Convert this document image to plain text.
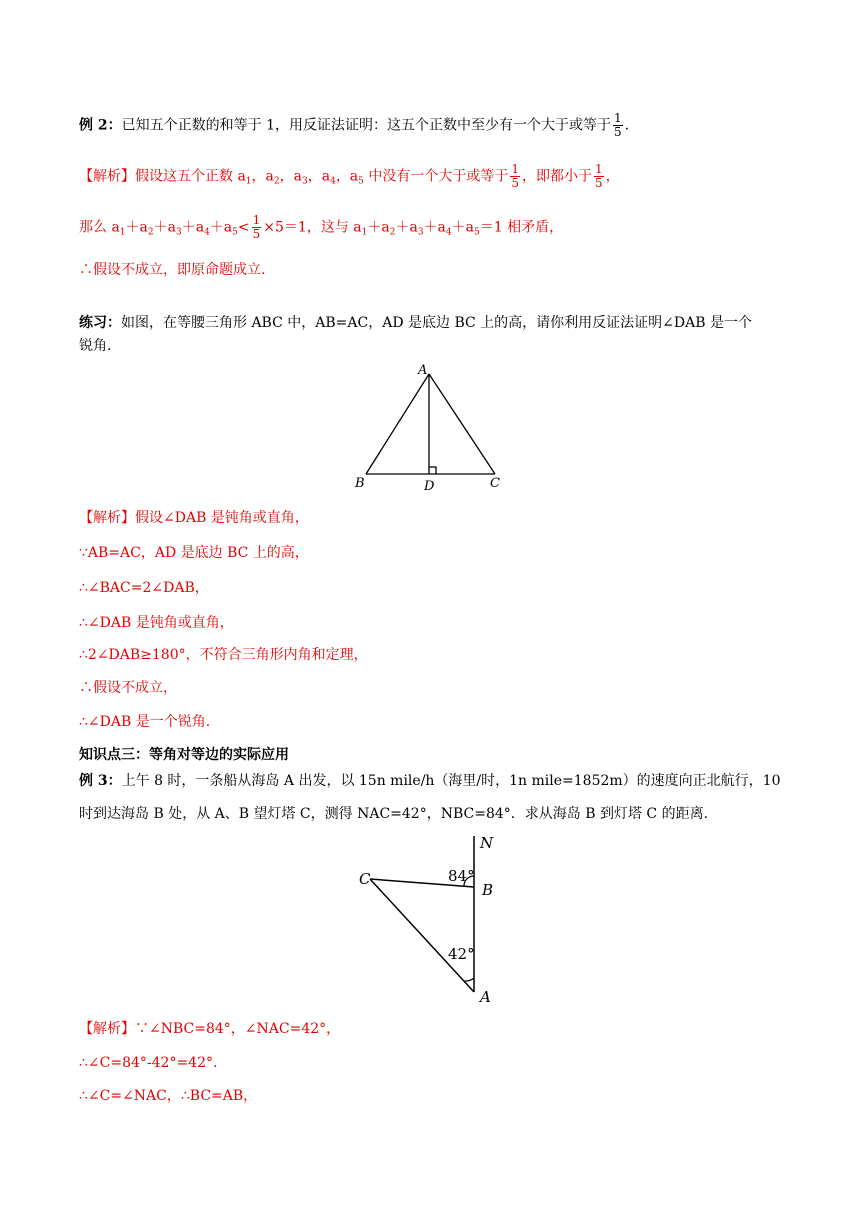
例 2：已知五个正数的和等于 1，用反证法证明：这五个正数中至少有一个大于或等于 $\frac{1}{5}$ .
【解析】假设这五个正数 $a_1$，$a_2$，$a_3$，$a_4$，$a_5$ 中没有一个大于或等于 $\frac{1}{5}$ ，即都小于 $\frac{1}{5}$ ，
那么 $a_1+a_2+a_3+a_4+a_5< \frac{1}{5} \times 5=1$，这与 $a_1+a_2+a_3+a_4+a_5=1$ 相矛盾，
∴假设不成立，即原命题成立.
练习：如图，在等腰三角形 ABC 中，AB=AC，AD 是底边 BC 上的高，请你利用反证法证明∠DAB 是一个
锐角.
A
B	D	C
【解析】假设∠DAB 是钝角或直角，
∵AB=AC，AD 是底边 BC 上的高，
∴∠BAC=2∠DAB，
∴∠DAB 是钝角或直角，
∴2∠DAB≥180°，不符合三角形内角和定理，
∴假设不成立，
∴∠DAB 是一个锐角.
知识点三：等角对等边的实际应用
例 3：上午 8 时，一条船从海岛 A 出发，以 15n mile/h（海里/时，1n mile=1852m）的速度向正北航行，10
时到达海岛 B 处，从 A、B 望灯塔 C，测得 NAC=42°，NBC=84°．求从海岛 B 到灯塔 C 的距离.
N
C
B
A
84°
42°
【解析】∵∠NBC=84°，∠NAC=42°，
∴∠C=84°-42°=42°.
∴∠C=∠NAC，∴BC=AB，
